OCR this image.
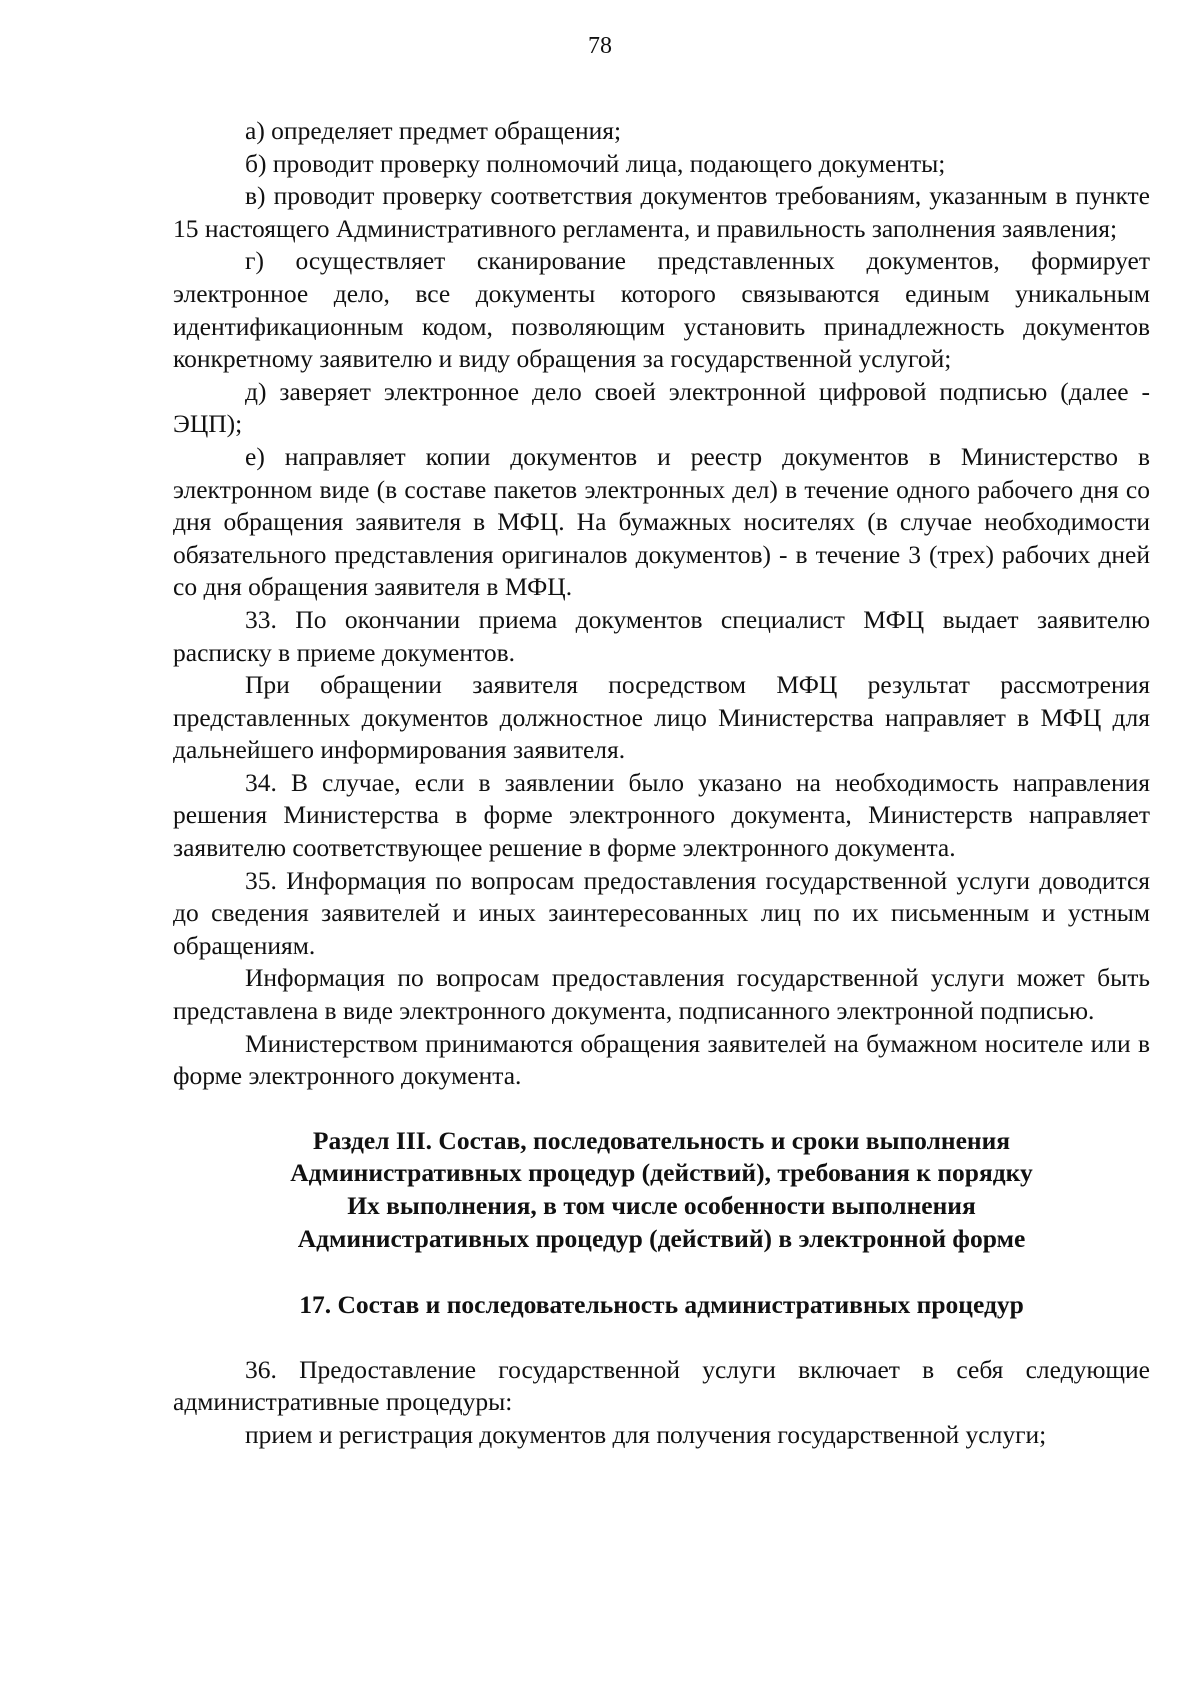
78

а) определяет предмет обращения;

б) проводит проверку полномочий лица, подающего документы;

в) проводит проверку соответствия документов требованиям, указанным в пункте 15 настоящего Административного регламента, и правильность заполнения заявления;

г) осуществляет сканирование представленных документов, формирует электронное дело, все документы которого связываются единым уникальным идентификационным кодом, позволяющим установить принадлежность документов конкретному заявителю и виду обращения за государственной услугой;

д) заверяет электронное дело своей электронной цифровой подписью (далее - ЭЦП);

е) направляет копии документов и реестр документов в Министерство в электронном виде (в составе пакетов электронных дел) в течение одного рабочего дня со дня обращения заявителя в МФЦ. На бумажных носителях (в случае необходимости обязательного представления оригиналов документов) - в течение 3 (трех) рабочих дней со дня обращения заявителя в МФЦ.

33. По окончании приема документов специалист МФЦ выдает заявителю расписку в приеме документов.

При обращении заявителя посредством МФЦ результат рассмотрения представленных документов должностное лицо Министерства направляет в МФЦ для дальнейшего информирования заявителя.

34. В случае, если в заявлении было указано на необходимость направления решения Министерства в форме электронного документа, Министерств направляет заявителю соответствующее решение в форме электронного документа.

35. Информация по вопросам предоставления государственной услуги доводится до сведения заявителей и иных заинтересованных лиц по их письменным и устным обращениям.

Информация по вопросам предоставления государственной услуги может быть представлена в виде электронного документа, подписанного электронной подписью.

Министерством принимаются обращения заявителей на бумажном носителе или в форме электронного документа.

Раздел III. Состав, последовательность и сроки выполнения
Административных процедур (действий), требования к порядку
Их выполнения, в том числе особенности выполнения
Административных процедур (действий) в электронной форме
17. Состав и последовательность административных процедур

36. Предоставление государственной услуги включает в себя следующие административные процедуры:

прием и регистрация документов для получения государственной услуги;
